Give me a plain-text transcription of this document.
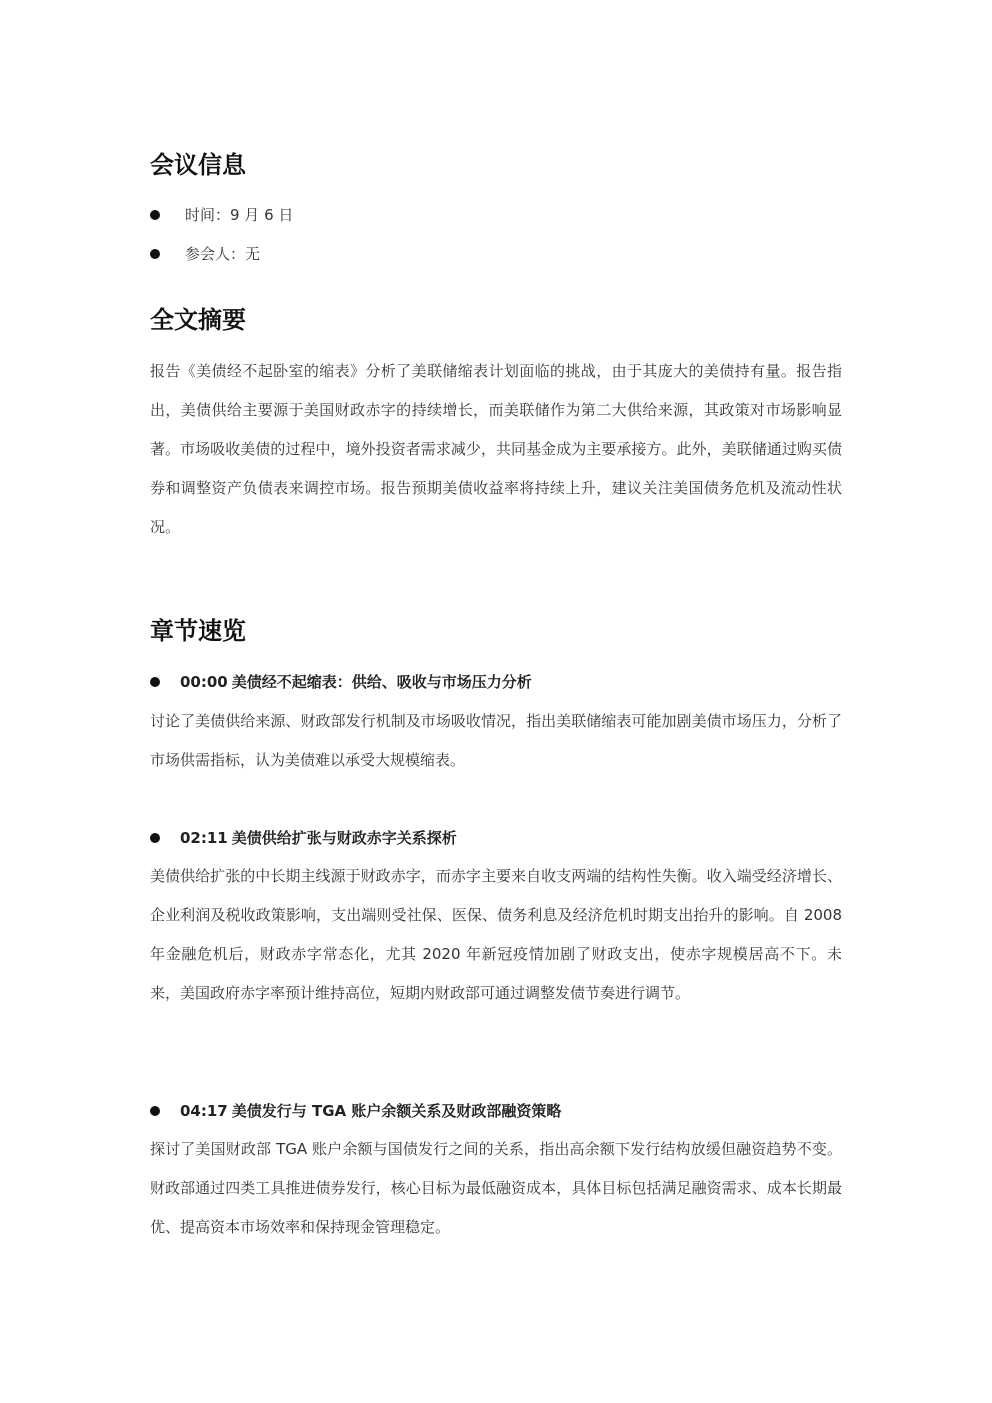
会议信息
时间：9 月 6 日
参会人：无
全文摘要

报告《美债经不起卧室的缩表》分析了美联储缩表计划面临的挑战，由于其庞大的美债持有量。报告指出，美债供给主要源于美国财政赤字的持续增长，而美联储作为第二大供给来源，其政策对市场影响显著。市场吸收美债的过程中，境外投资者需求减少，共同基金成为主要承接方。此外，美联储通过购买债券和调整资产负债表来调控市场。报告预期美债收益率将持续上升，建议关注美国债务危机及流动性状况。

章节速览
00:00 美债经不起缩表：供给、吸收与市场压力分析

讨论了美债供给来源、财政部发行机制及市场吸收情况，指出美联储缩表可能加剧美债市场压力，分析了市场供需指标，认为美债难以承受大规模缩表。

02:11 美债供给扩张与财政赤字关系探析

美债供给扩张的中长期主线源于财政赤字，而赤字主要来自收支两端的结构性失衡。收入端受经济增长、企业利润及税收政策影响，支出端则受社保、医保、债务利息及经济危机时期支出抬升的影响。自 2008 年金融危机后，财政赤字常态化，尤其 2020 年新冠疫情加剧了财政支出，使赤字规模居高不下。未来，美国政府赤字率预计维持高位，短期内财政部可通过调整发债节奏进行调节。

04:17 美债发行与 TGA 账户余额关系及财政部融资策略

探讨了美国财政部 TGA 账户余额与国债发行之间的关系，指出高余额下发行结构放缓但融资趋势不变。财政部通过四类工具推进债券发行，核心目标为最低融资成本，具体目标包括满足融资需求、成本长期最优、提高资本市场效率和保持现金管理稳定。
